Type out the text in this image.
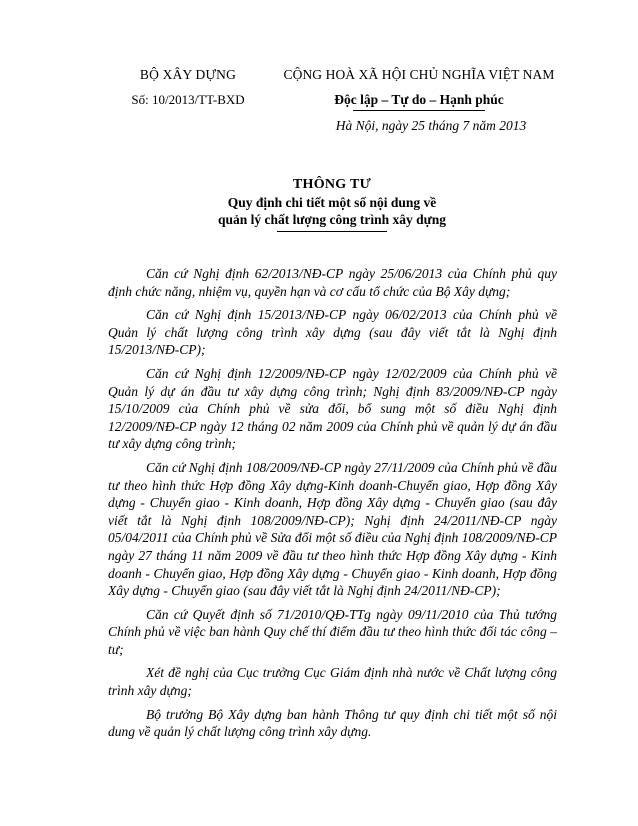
BỘ XÂY DỰNG
Số: 10/2013/TT-BXD
CỘNG HOÀ XÃ HỘI CHỦ NGHĨA VIỆT NAM
Độc lập – Tự do – Hạnh phúc
Hà Nội, ngày 25 tháng 7 năm 2013
THÔNG TƯ
Quy định chi tiết một số nội dung về
quản lý chất lượng công trình xây dựng

Căn cứ Nghị định 62/2013/NĐ-CP ngày 25/06/2013 của Chính phủ quy định chức năng, nhiệm vụ, quyền hạn và cơ cấu tổ chức của Bộ Xây dựng;

Căn cứ Nghị định 15/2013/NĐ-CP ngày 06/02/2013 của Chính phủ về Quản lý chất lượng công trình xây dựng (sau đây viết tắt là Nghị định 15/2013/NĐ-CP);

Căn cứ Nghị định 12/2009/NĐ-CP ngày 12/02/2009 của Chính phủ về Quản lý dự án đầu tư xây dựng công trình; Nghị định 83/2009/NĐ-CP ngày 15/10/2009 của Chính phủ về sửa đổi, bổ sung một số điều Nghị định 12/2009/NĐ-CP ngày 12 tháng 02 năm 2009 của Chính phủ về quản lý dự án đầu tư xây dựng công trình;

Căn cứ Nghị định 108/2009/NĐ-CP ngày 27/11/2009 của Chính phủ về đầu tư theo hình thức Hợp đồng Xây dựng-Kinh doanh-Chuyển giao, Hợp đồng Xây dựng - Chuyển giao - Kinh doanh, Hợp đồng Xây dựng - Chuyển giao (sau đây viết tắt là Nghị định 108/2009/NĐ-CP); Nghị định 24/2011/NĐ-CP ngày 05/04/2011 của Chính phủ về Sửa đổi một số điều của Nghị định 108/2009/NĐ-CP ngày 27 tháng 11 năm 2009 về đầu tư theo hình thức Hợp đồng Xây dựng - Kinh doanh - Chuyển giao, Hợp đồng Xây dựng - Chuyển giao - Kinh doanh, Hợp đồng Xây dựng - Chuyển giao (sau đây viết tắt là Nghị định 24/2011/NĐ-CP);

Căn cứ Quyết định số 71/2010/QĐ-TTg ngày 09/11/2010 của Thủ tướng Chính phủ về việc ban hành Quy chế thí điểm đầu tư theo hình thức đối tác công – tư;

Xét đề nghị của Cục trưởng Cục Giám định nhà nước về Chất lượng công trình xây dựng;

Bộ trưởng Bộ Xây dựng ban hành Thông tư quy định chi tiết một số nội dung về quản lý chất lượng công trình xây dựng.
